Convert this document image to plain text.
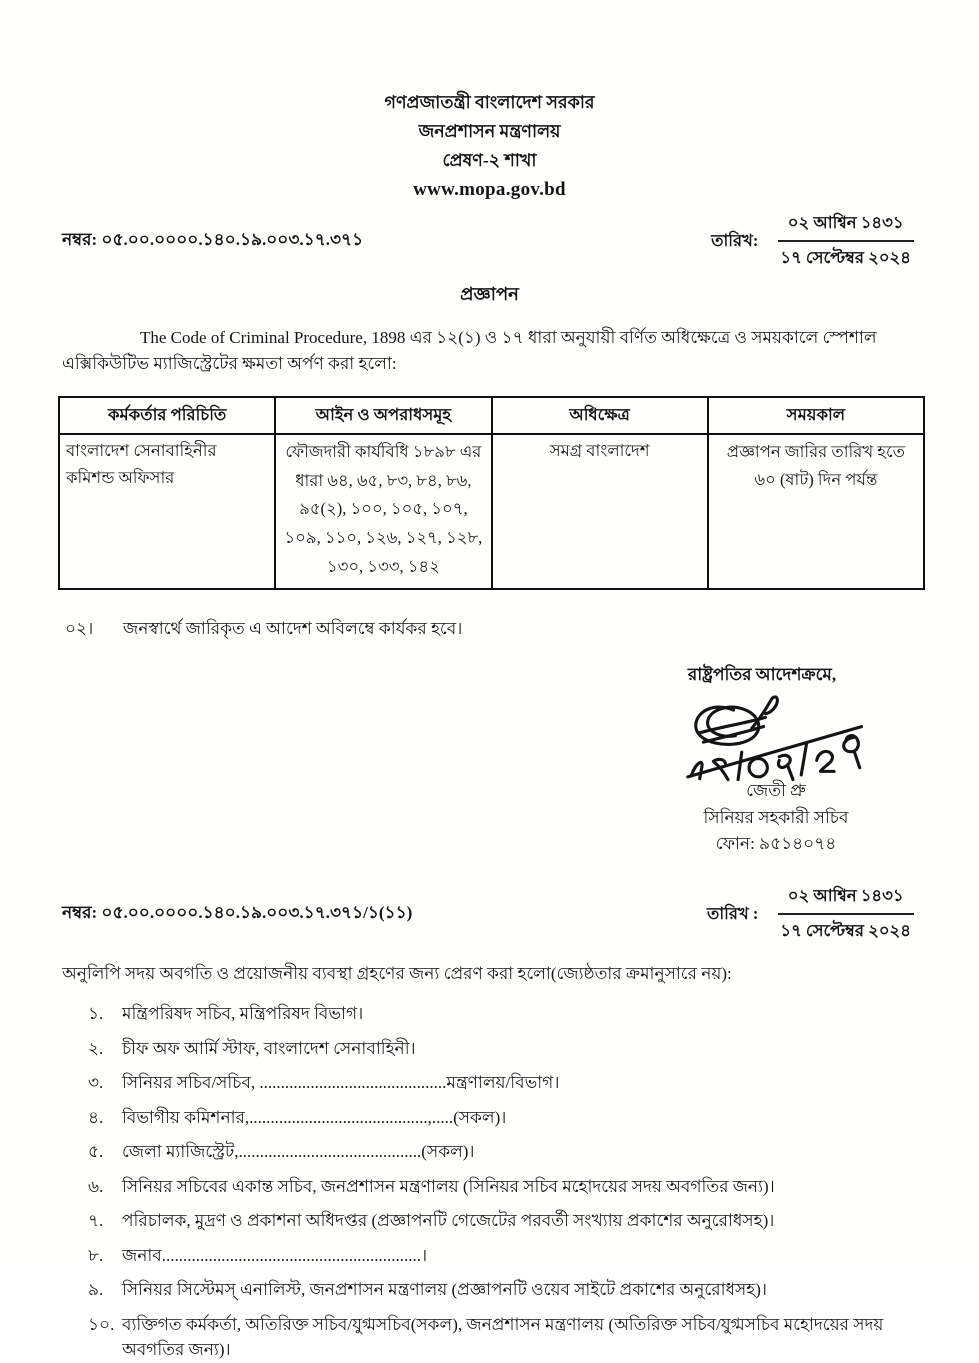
গণপ্রজাতন্ত্রী বাংলাদেশ সরকার
জনপ্রশাসন মন্ত্রণালয়
প্রেষণ-২ শাখা
www.mopa.gov.bd
নম্বর: ০৫.০০.০০০০.১৪০.১৯.০০৩.১৭.৩৭১	তারিখ: $\frac{\text{০২ আশ্বিন ১৪৩১}}{\text{১৭ সেপ্টেম্বর ২০২৪}}$
প্রজ্ঞাপন

The Code of Criminal Procedure, 1898 এর ১২(১) ও ১৭ ধারা অনুযায়ী বর্ণিত অধিক্ষেত্রে ও সময়কালে স্পেশাল এক্সিকিউটিভ ম্যাজিস্ট্রেটের ক্ষমতা অর্পণ করা হলো:

কর্মকর্তার পরিচিতি	আইন ও অপরাধসমূহ	অধিক্ষেত্র	সময়কাল
বাংলাদেশ সেনাবাহিনীর কমিশন্ড অফিসার	ফৌজদারী কার্যবিধি ১৮৯৮ এর ধারা ৬৪, ৬৫, ৮৩, ৮৪, ৮৬, ৯৫(২), ১০০, ১০৫, ১০৭, ১০৯, ১১০, ১২৬, ১২৭, ১২৮, ১৩০, ১৩৩, ১৪২	সমগ্র বাংলাদেশ	প্রজ্ঞাপন জারির তারিখ হতে ৬০ (ষাট) দিন পর্যন্ত
০২।	জনস্বার্থে জারিকৃত এ আদেশ অবিলম্বে কার্যকর হবে।
রাষ্ট্রপতির আদেশক্রমে,
জেতী প্রু
সিনিয়র সহকারী সচিব
ফোন: ৯৫১৪০৭৪
নম্বর: ০৫.০০.০০০০.১৪০.১৯.০০৩.১৭.৩৭১/১(১১)	তারিখ : $\frac{\text{০২ আশ্বিন ১৪৩১}}{\text{১৭ সেপ্টেম্বর ২০২৪}}$

অনুলিপি সদয় অবগতি ও প্রয়োজনীয় ব্যবস্থা গ্রহণের জন্য প্রেরণ করা হলো(জ্যেষ্ঠতার ক্রমানুসারে নয়):

১.	মন্ত্রিপরিষদ সচিব, মন্ত্রিপরিষদ বিভাগ।
২.	চীফ অফ আর্মি স্টাফ, বাংলাদেশ সেনাবাহিনী।
৩.	সিনিয়র সচিব/সচিব, ............................................মন্ত্রণালয়/বিভাগ।
৪.	বিভাগীয় কমিশনার,..........................................,.....(সকল)।
৫.	জেলা ম্যাজিস্ট্রেট,...........................................(সকল)।
৬.	সিনিয়র সচিবের একান্ত সচিব, জনপ্রশাসন মন্ত্রণালয় (সিনিয়র সচিব মহোদয়ের সদয় অবগতির জন্য)।
৭.	পরিচালক, মুদ্রণ ও প্রকাশনা অধিদপ্তর (প্রজ্ঞাপনটি গেজেটের পরবর্তী সংখ্যায় প্রকাশের অনুরোধসহ)।
৮.	জনাব.............................................................।
৯.	সিনিয়র সিস্টেমস্ এনালিস্ট, জনপ্রশাসন মন্ত্রণালয় (প্রজ্ঞাপনটি ওয়েব সাইটে প্রকাশের অনুরোধসহ)।
১০. ব্যক্তিগত কর্মকর্তা, অতিরিক্ত সচিব/যুগ্মসচিব(সকল), জনপ্রশাসন মন্ত্রণালয় (অতিরিক্ত সচিব/যুগ্মসচিব মহোদয়ের সদয় অবগতির জন্য)।
